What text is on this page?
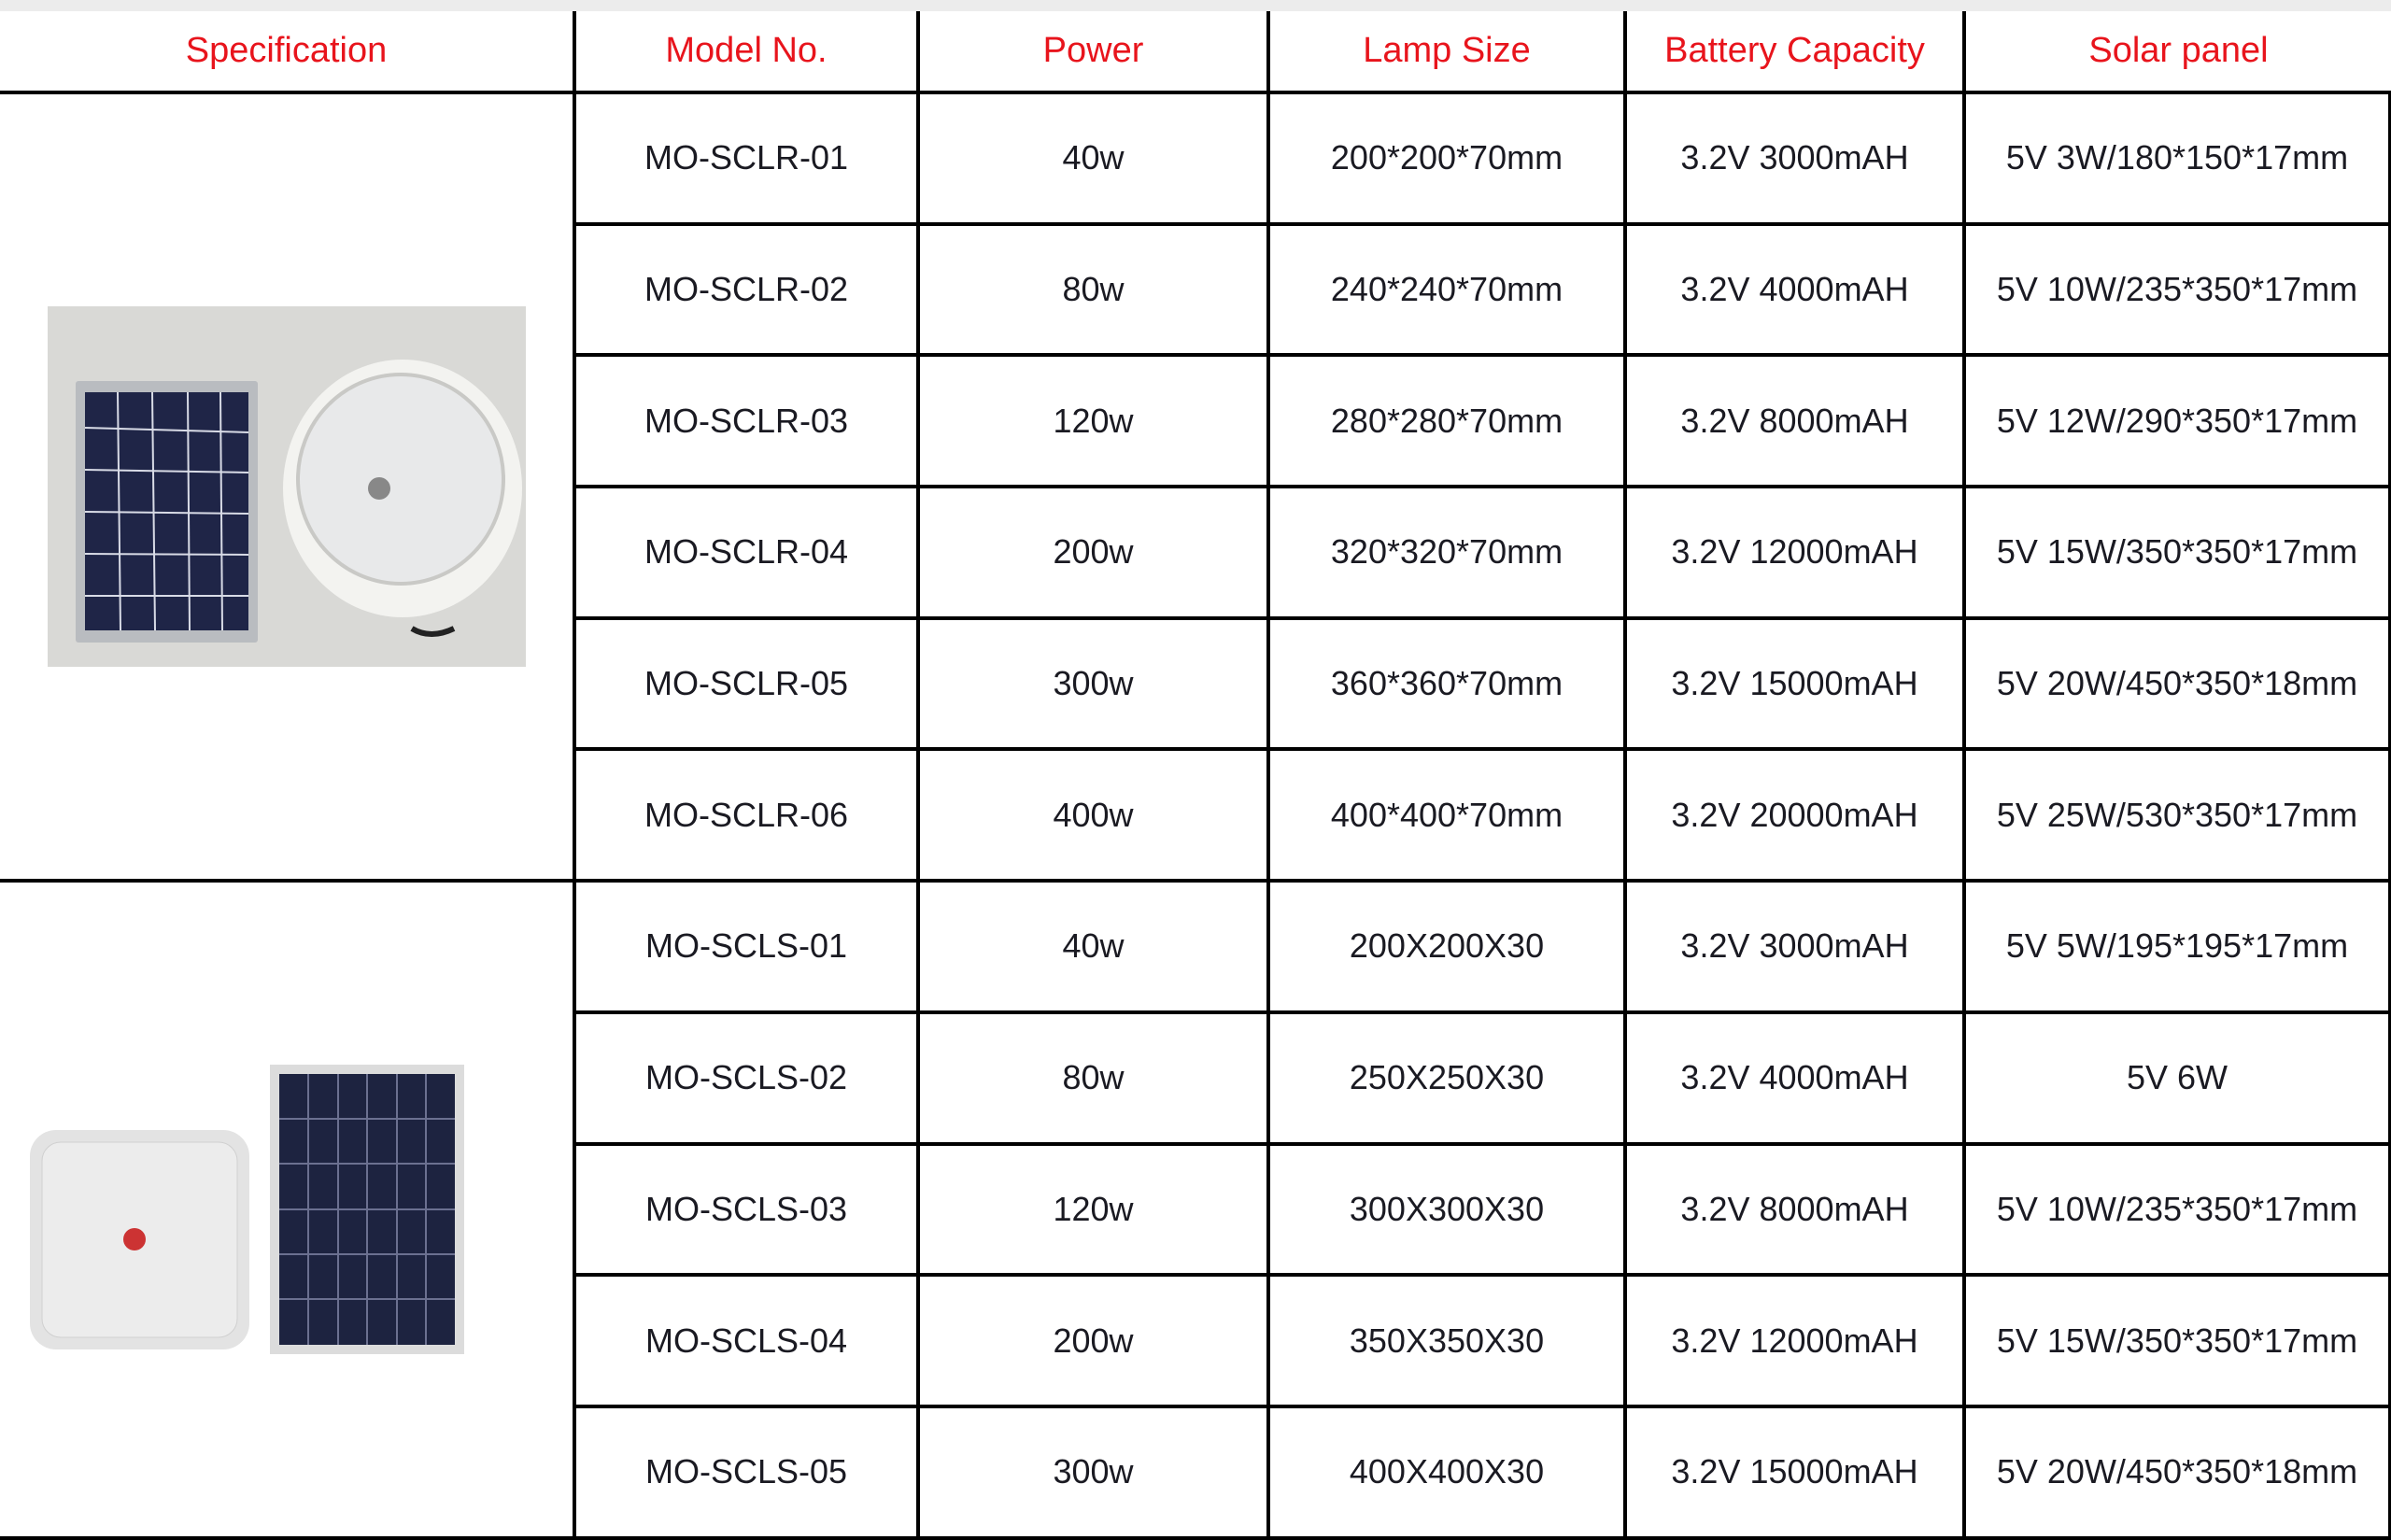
Specification	Model No.	Power	Lamp Size	Battery Capacity	Solar panel
MO-SCLR-01	40w	200*200*70mm	3.2V 3000mAH	5V 3W/180*150*17mm
MO-SCLR-02	80w	240*240*70mm	3.2V 4000mAH	5V 10W/235*350*17mm
MO-SCLR-03	120w	280*280*70mm	3.2V 8000mAH	5V 12W/290*350*17mm
MO-SCLR-04	200w	320*320*70mm	3.2V 12000mAH	5V 15W/350*350*17mm
MO-SCLR-05	300w	360*360*70mm	3.2V 15000mAH	5V 20W/450*350*18mm
MO-SCLR-06	400w	400*400*70mm	3.2V 20000mAH	5V 25W/530*350*17mm
MO-SCLS-01	40w	200X200X30	3.2V 3000mAH	5V 5W/195*195*17mm
MO-SCLS-02	80w	250X250X30	3.2V 4000mAH	5V 6W
MO-SCLS-03	120w	300X300X30	3.2V 8000mAH	5V 10W/235*350*17mm
MO-SCLS-04	200w	350X350X30	3.2V 12000mAH	5V 15W/350*350*17mm
MO-SCLS-05	300w	400X400X30	3.2V 15000mAH	5V 20W/450*350*18mm
